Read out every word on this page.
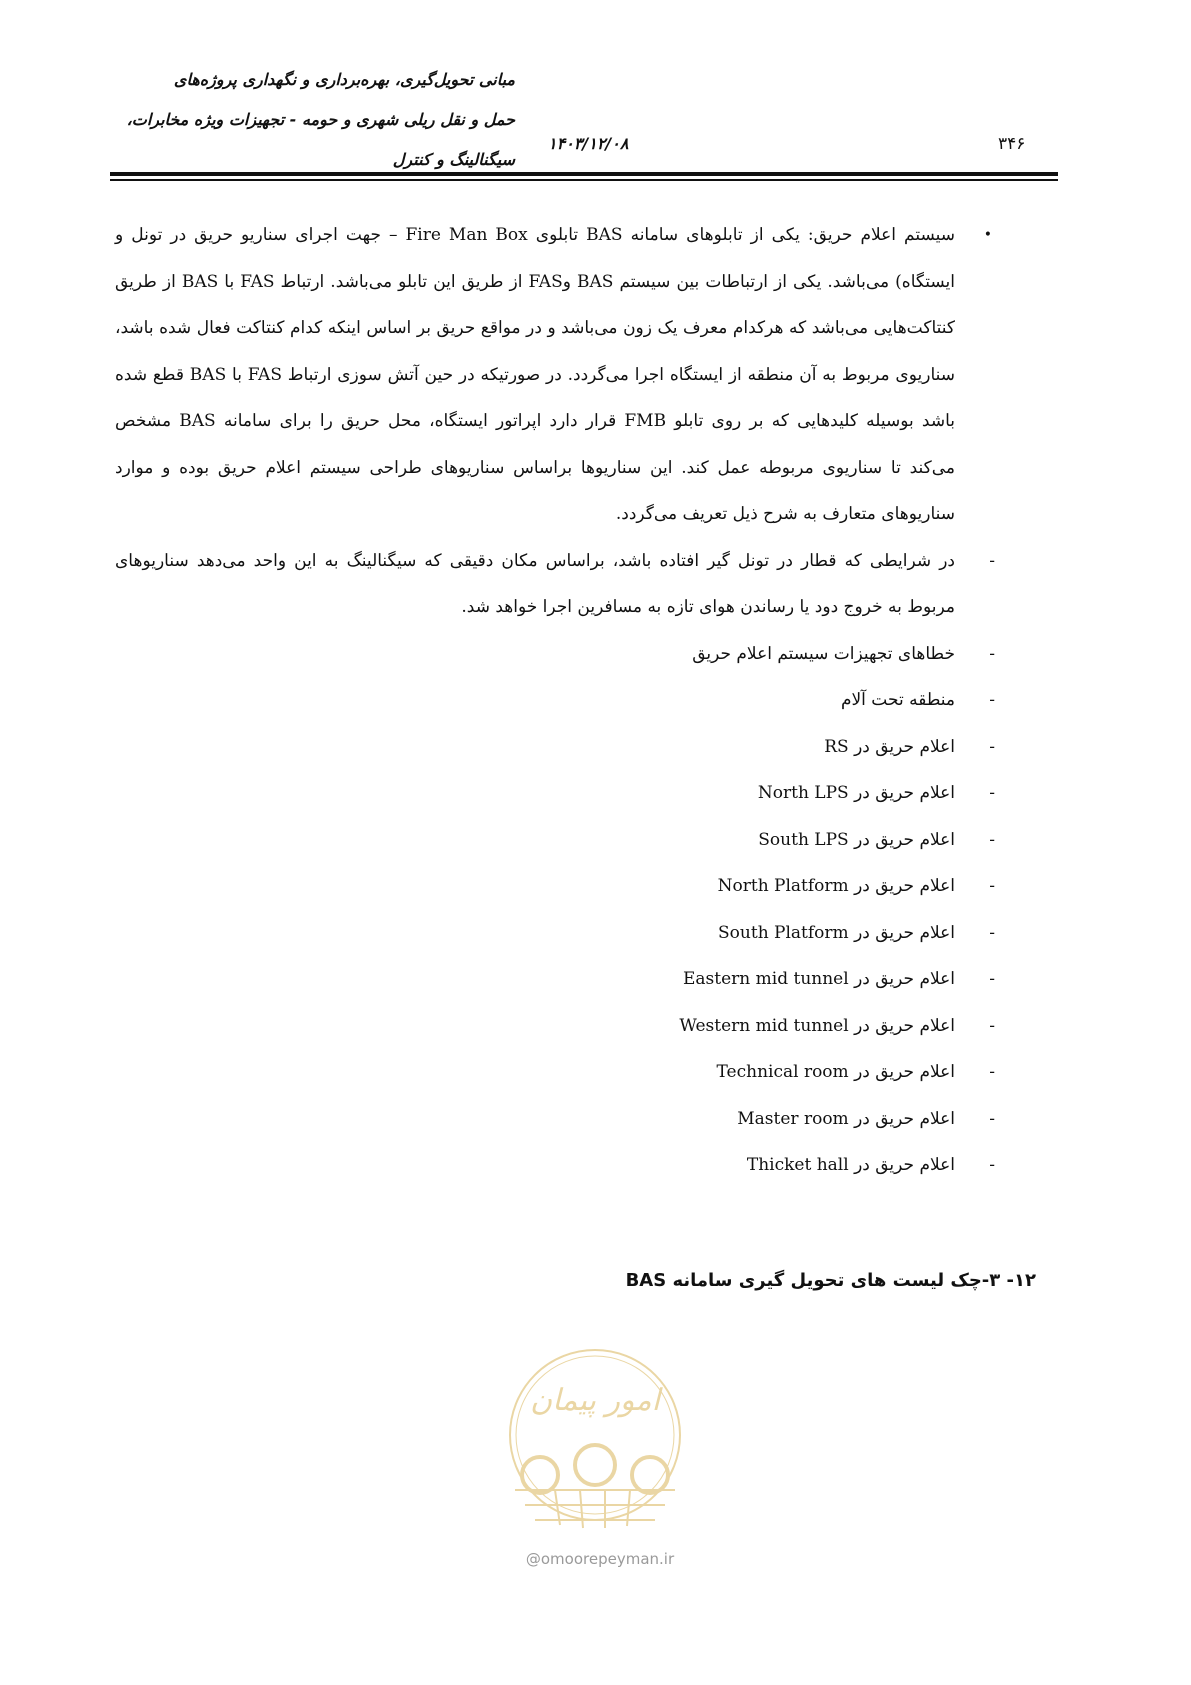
مبانی تحویل‌گیری، بهره‌برداری و نگهداری پروژه‌های
حمل و نقل ریلی شهری و حومه - تجهیزات ویژه مخابرات،
سیگنالینگ و کنترل
۱۴۰۳/۱۲/۰۸	۳۴۶

•
سیستم اعلام حریق: یکی از تابلوهای سامانه BAS تابلوی Fire Man Box – جهت اجرای سناریو حریق در تونل و ایستگاه) می‌باشد. یکی از ارتباطات بین سیستم BAS وFAS از طریق این تابلو می‌باشد. ارتباط FAS با BAS از طریق کنتاکت‌هایی می‌باشد که هرکدام معرف یک زون می‌باشد و در مواقع حریق بر اساس اینکه کدام کنتاکت فعال شده باشد، سناریوی مربوط به آن منطقه از ایستگاه اجرا می‌گردد. در صورتیکه در حین آتش سوزی ارتباط FAS با BAS قطع شده باشد بوسیله کلیدهایی که بر روی تابلو FMB قرار دارد اپراتور ایستگاه، محل حریق را برای سامانه BAS مشخص می‌کند تا سناریوی مربوطه عمل کند. این سناریوها براساس سناریوهای طراحی سیستم اعلام حریق بوده و موارد سناریوهای متعارف به شرح ذیل تعریف می‌گردد.

-
در شرایطی که قطار در تونل گیر افتاده باشد، براساس مکان دقیقی که سیگنالینگ به این واحد می‌دهد سناریوهای مربوط به خروج دود یا رساندن هوای تازه به مسافرین اجرا خواهد شد.

-
خطاهای تجهیزات سیستم اعلام حریق
-
منطقه تحت آلام
-
اعلام حریق در RS
-
اعلام حریق در North LPS
-
اعلام حریق در South LPS
-
اعلام حریق در North Platform
-
اعلام حریق در South Platform
-
اعلام حریق در Eastern mid tunnel
-
اعلام حریق در Western mid tunnel
-
اعلام حریق در Technical room
-
اعلام حریق در Master room
-
اعلام حریق در Thicket hall
۱۲- ۳-چک لیست های تحویل گیری سامانه BAS
امور پیمان
@omoorepeyman.ir
